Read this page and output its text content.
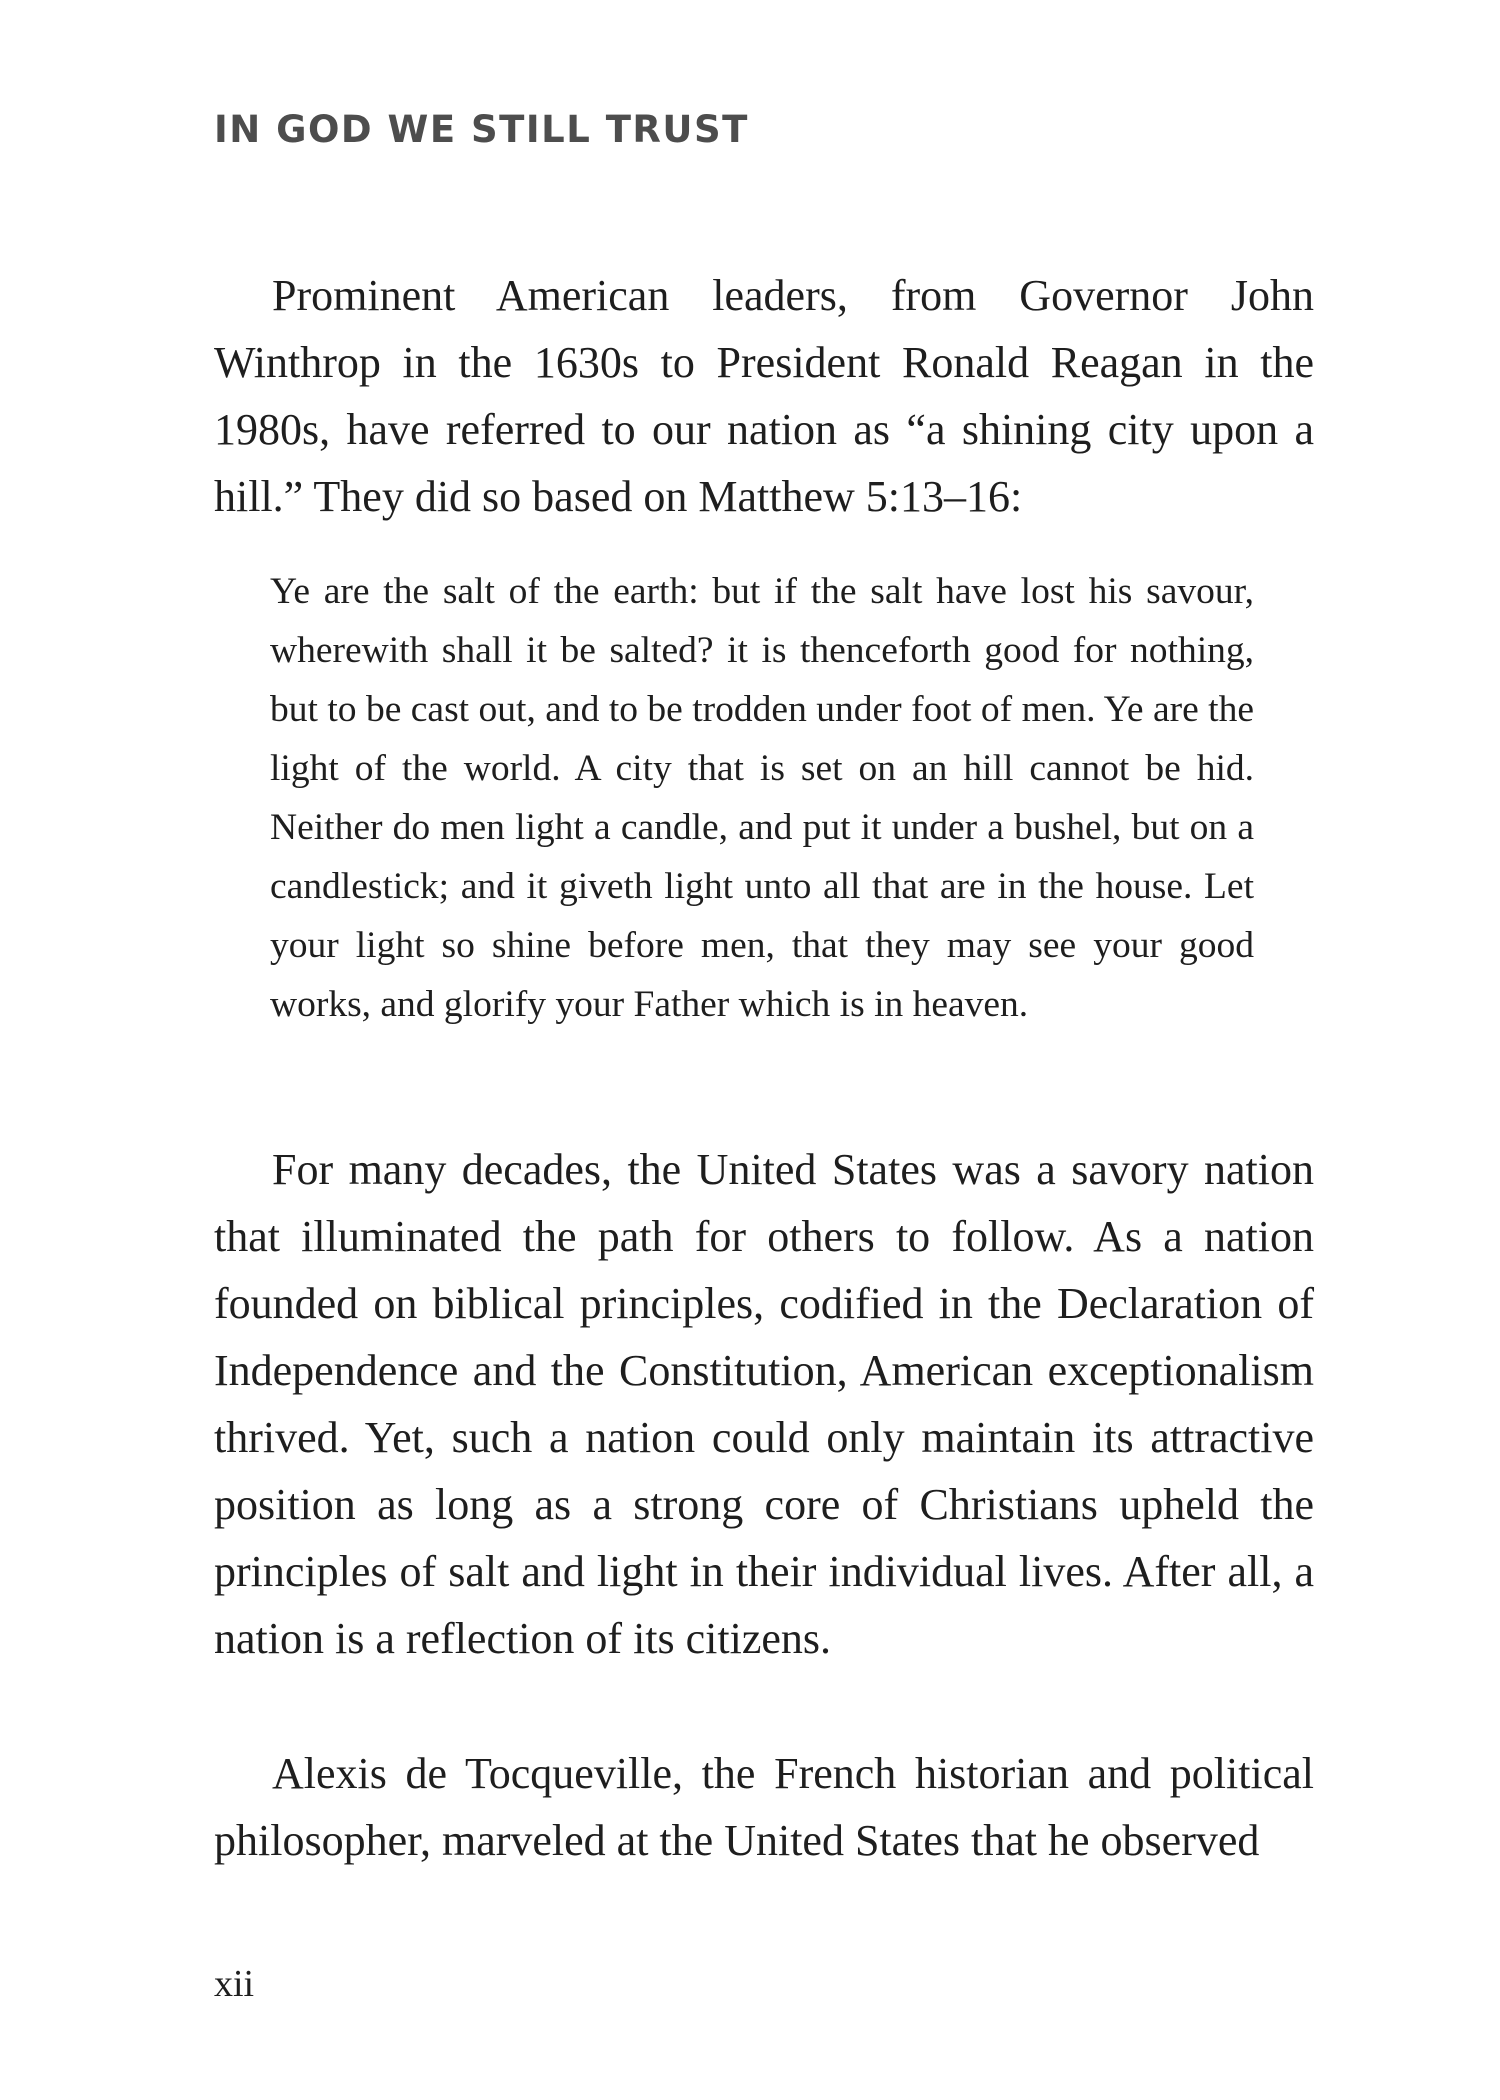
IN GOD WE STILL TRUST

Prominent American leaders, from Governor John Winthrop in the 1630s to President Ronald Reagan in the 1980s, have referred to our nation as “a shining city upon a hill.” They did so based on Matthew 5:13–16:

Ye are the salt of the earth: but if the salt have lost his savour, wherewith shall it be salted? it is thenceforth good for nothing, but to be cast out, and to be trodden under foot of men. Ye are the light of the world. A city that is set on an hill cannot be hid. Neither do men light a candle, and put it under a bushel, but on a candlestick; and it giveth light unto all that are in the house. Let your light so shine before men, that they may see your good works, and glorify your Father which is in heaven.

For many decades, the United States was a savory nation that illuminated the path for others to follow. As a nation founded on biblical principles, codified in the Declaration of Independence and the Constitution, American exceptionalism thrived. Yet, such a nation could only maintain its attractive position as long as a strong core of Christians upheld the principles of salt and light in their individual lives. After all, a nation is a reflection of its citizens.

Alexis de Tocqueville, the French historian and political philosopher, marveled at the United States that he observed

xii
